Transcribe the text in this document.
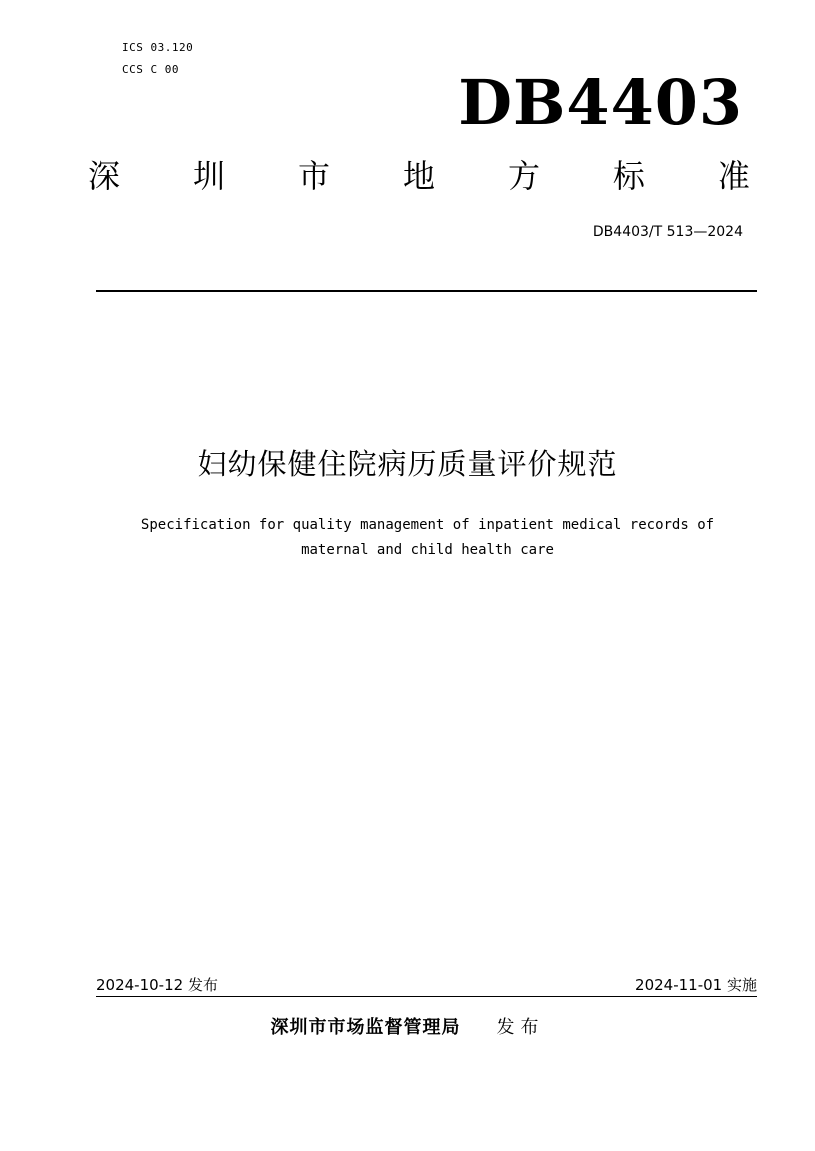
ICS 03.120
CCS C 00	DB4403
深 圳 市 地 方 标 准
DB4403/T 513—2024
妇幼保健住院病历质量评价规范
Specification for quality management of inpatient medical records of
maternal and child health care
2024-10-12 发布	2024-11-01 实施
深圳市市场监督管理局 发布
